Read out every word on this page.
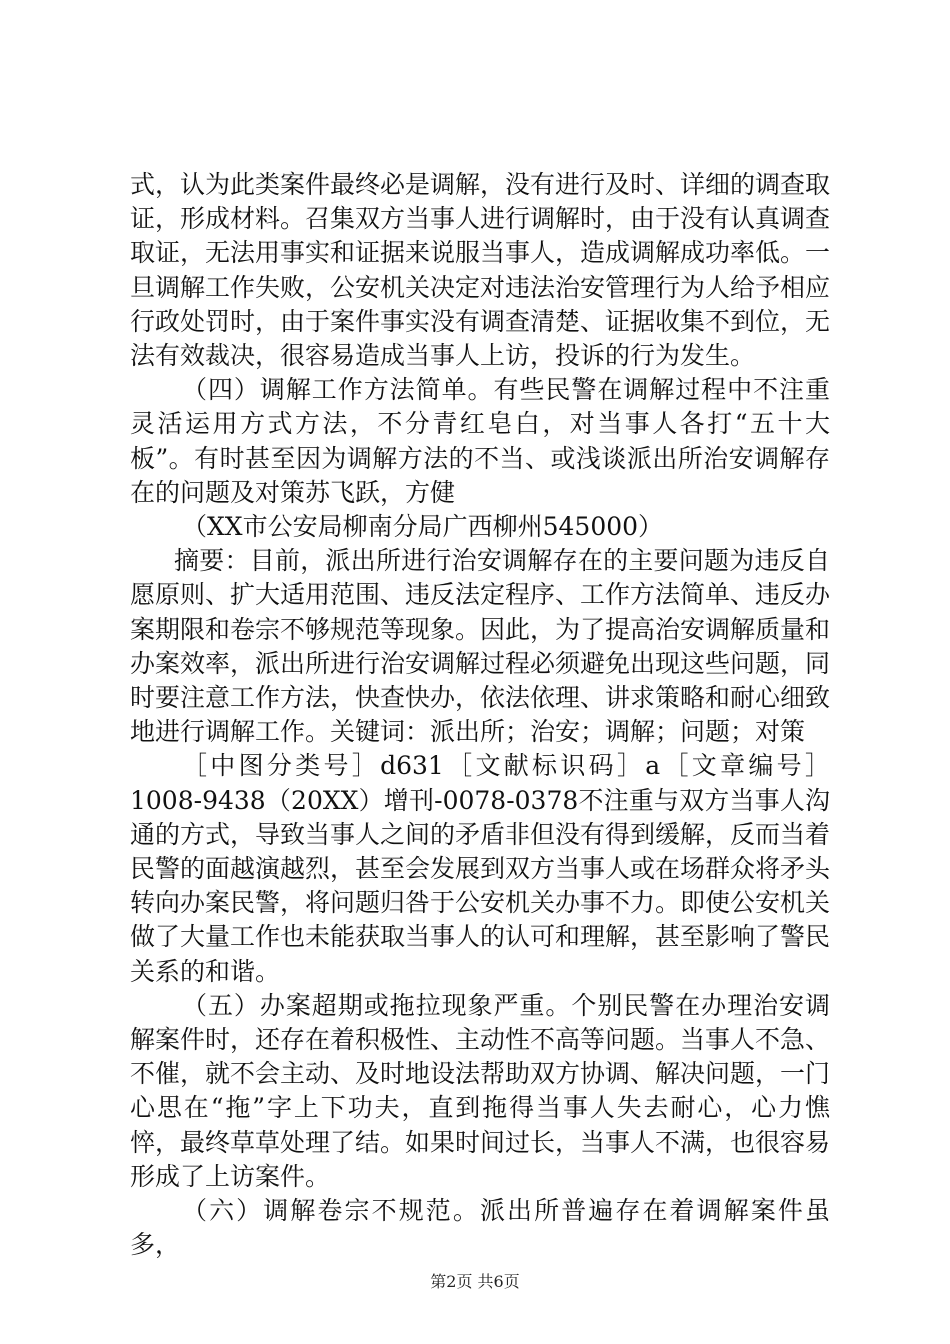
式，认为此类案件最终必是调解，没有进行及时、详细的调查取证，形成材料。召集双方当事人进行调解时，由于没有认真调查取证，无法用事实和证据来说服当事人，造成调解成功率低。一旦调解工作失败，公安机关决定对违法治安管理行为人给予相应行政处罚时，由于案件事实没有调查清楚、证据收集不到位，无法有效裁决，很容易造成当事人上访，投诉的行为发生。

（四）调解工作方法简单。有些民警在调解过程中不注重灵活运用方式方法，不分青红皂白，对当事人各打“五十大板”。有时甚至因为调解方法的不当、或浅谈派出所治安调解存在的问题及对策苏飞跃，方健

（XX市公安局柳南分局广西柳州545000）

摘要：目前，派出所进行治安调解存在的主要问题为违反自愿原则、扩大适用范围、违反法定程序、工作方法简单、违反办案期限和卷宗不够规范等现象。因此，为了提高治安调解质量和办案效率，派出所进行治安调解过程必须避免出现这些问题，同时要注意工作方法，快查快办，依法依理、讲求策略和耐心细致地进行调解工作。关键词：派出所；治安；调解；问题；对策

［中图分类号］d631［文献标识码］a［文章编号］1008-9438（20XX）增刊-0078-0378不注重与双方当事人沟通的方式，导致当事人之间的矛盾非但没有得到缓解，反而当着民警的面越演越烈，甚至会发展到双方当事人或在场群众将矛头转向办案民警，将问题归咎于公安机关办事不力。即使公安机关做了大量工作也未能获取当事人的认可和理解，甚至影响了警民关系的和谐。

（五）办案超期或拖拉现象严重。个别民警在办理治安调解案件时，还存在着积极性、主动性不高等问题。当事人不急、不催，就不会主动、及时地设法帮助双方协调、解决问题，一门心思在“拖”字上下功夫，直到拖得当事人失去耐心，心力憔悴，最终草草处理了结。如果时间过长，当事人不满，也很容易形成了上访案件。

（六）调解卷宗不规范。派出所普遍存在着调解案件虽多，

第2页 共6页
